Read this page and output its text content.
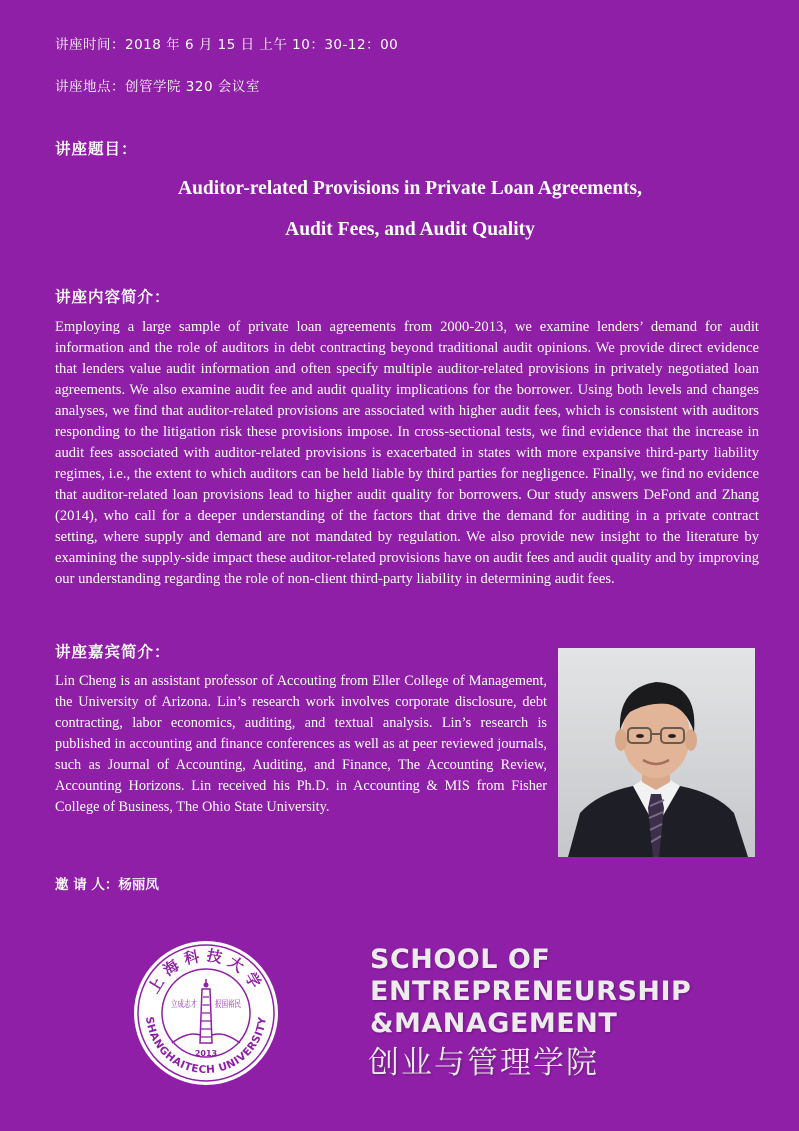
讲座时间：2018 年 6 月 15 日 上午 10：30-12：00
讲座地点：创管学院 320 会议室
讲座题目：
Auditor-related Provisions in Private Loan Agreements,
Audit Fees, and Audit Quality
讲座内容简介：

Employing a large sample of private loan agreements from 2000-2013, we examine lenders’ demand for audit information and the role of auditors in debt contracting beyond traditional audit opinions. We provide direct evidence that lenders value audit information and often specify multiple auditor-related provisions in privately negotiated loan agreements. We also examine audit fee and audit quality implications for the borrower. Using both levels and changes analyses, we find that auditor-related provisions are associated with higher audit fees, which is consistent with auditors responding to the litigation risk these provisions impose. In cross-sectional tests, we find evidence that the increase in audit fees associated with auditor-related provisions is exacerbated in states with more expansive third-party liability regimes, i.e., the extent to which auditors can be held liable by third parties for negligence. Finally, we find no evidence that auditor-related loan provisions lead to higher audit quality for borrowers. Our study answers DeFond and Zhang (2014), who call for a deeper understanding of the factors that drive the demand for auditing in a private contract setting, where supply and demand are not mandated by regulation. We also provide new insight to the literature by examining the supply-side impact these auditor-related provisions have on audit fees and audit quality and by improving our understanding regarding the role of non-client third-party liability in determining audit fees.

讲座嘉宾简介：

Lin Cheng is an assistant professor of Accouting from Eller College of Management, the University of Arizona. Lin’s research work involves corporate disclosure, debt contracting, labor economics, auditing, and textual analysis. Lin’s research is published in accounting and finance conferences as well as at peer reviewed journals, such as Journal of Accounting, Auditing, and Finance, The Accounting Review, Accounting Horizons. Lin received his Ph.D. in Accounting & MIS from Fisher College of Business, The Ohio State University.

邀 请 人：杨丽凤
上海科技大学
SHANGHAITECH UNIVERSITY
立成志才 报国裕民
2013
SCHOOL OF
ENTREPRENEURSHIP
&MANAGEMENT
创业与管理学院
